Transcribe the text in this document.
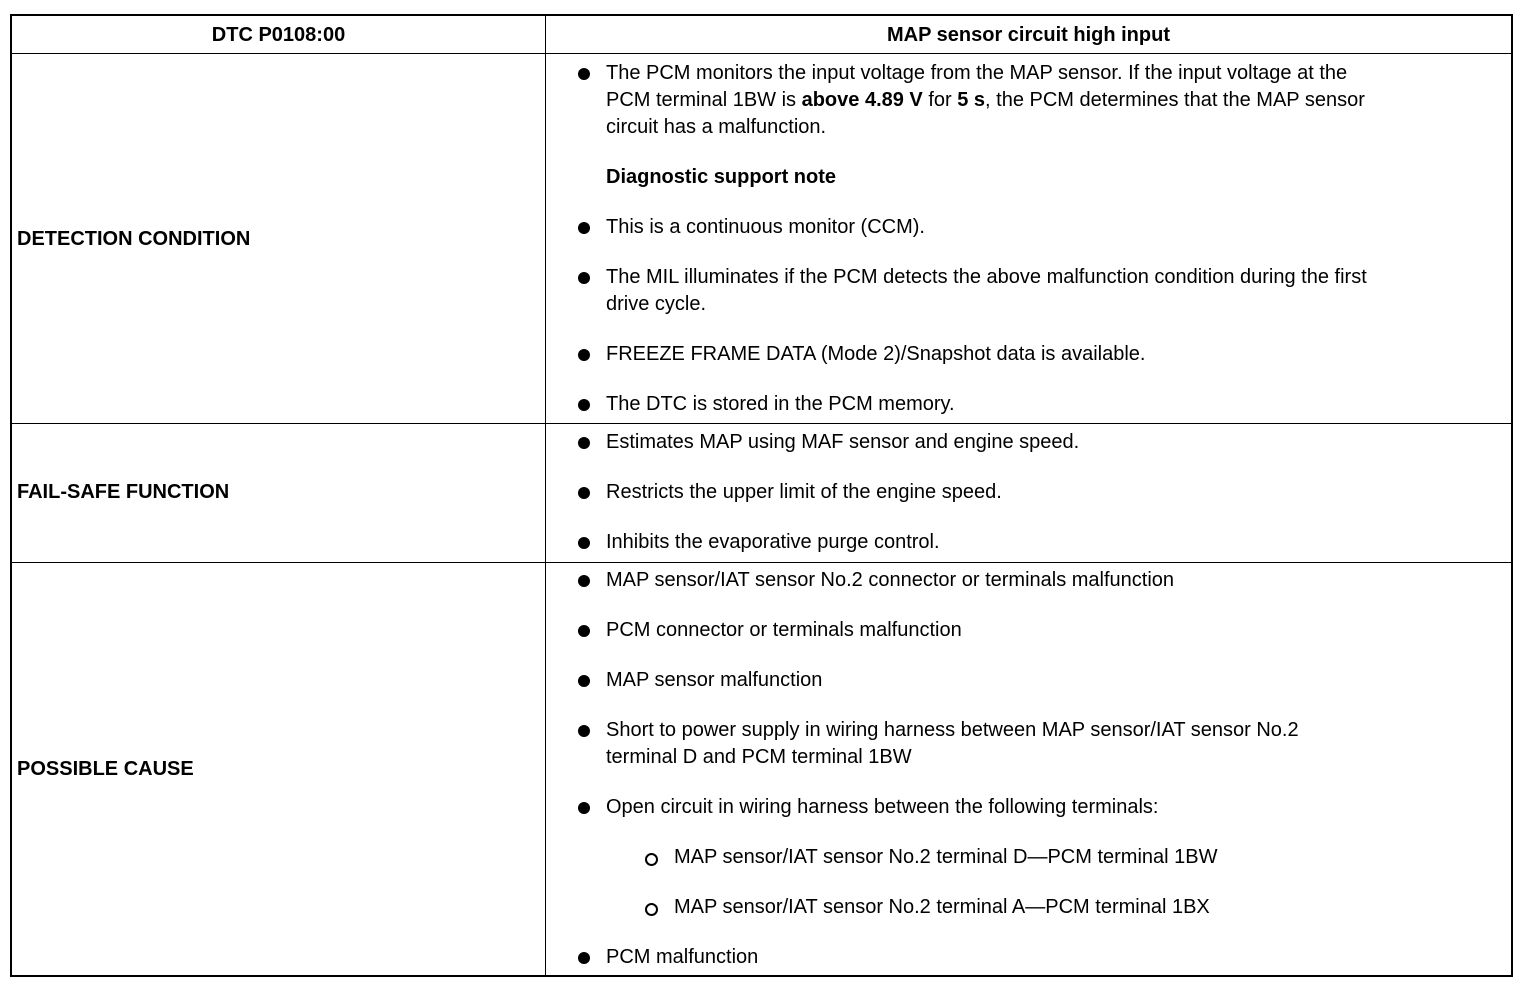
DTC P0108:00	MAP sensor circuit high input
DETECTION CONDITION
The PCM monitors the input voltage from the MAP sensor. If the input voltage at the
PCM terminal 1BW is above 4.89 V for 5 s, the PCM determines that the MAP sensor
circuit has a malfunction.
Diagnostic support note
This is a continuous monitor (CCM).
The MIL illuminates if the PCM detects the above malfunction condition during the first
drive cycle.
FREEZE FRAME DATA (Mode 2)/Snapshot data is available.
The DTC is stored in the PCM memory.
FAIL-SAFE FUNCTION
Estimates MAP using MAF sensor and engine speed.
Restricts the upper limit of the engine speed.
Inhibits the evaporative purge control.
POSSIBLE CAUSE
MAP sensor/IAT sensor No.2 connector or terminals malfunction
PCM connector or terminals malfunction
MAP sensor malfunction
Short to power supply in wiring harness between MAP sensor/IAT sensor No.2
terminal D and PCM terminal 1BW
Open circuit in wiring harness between the following terminals:
MAP sensor/IAT sensor No.2 terminal D—PCM terminal 1BW
MAP sensor/IAT sensor No.2 terminal A—PCM terminal 1BX
PCM malfunction
